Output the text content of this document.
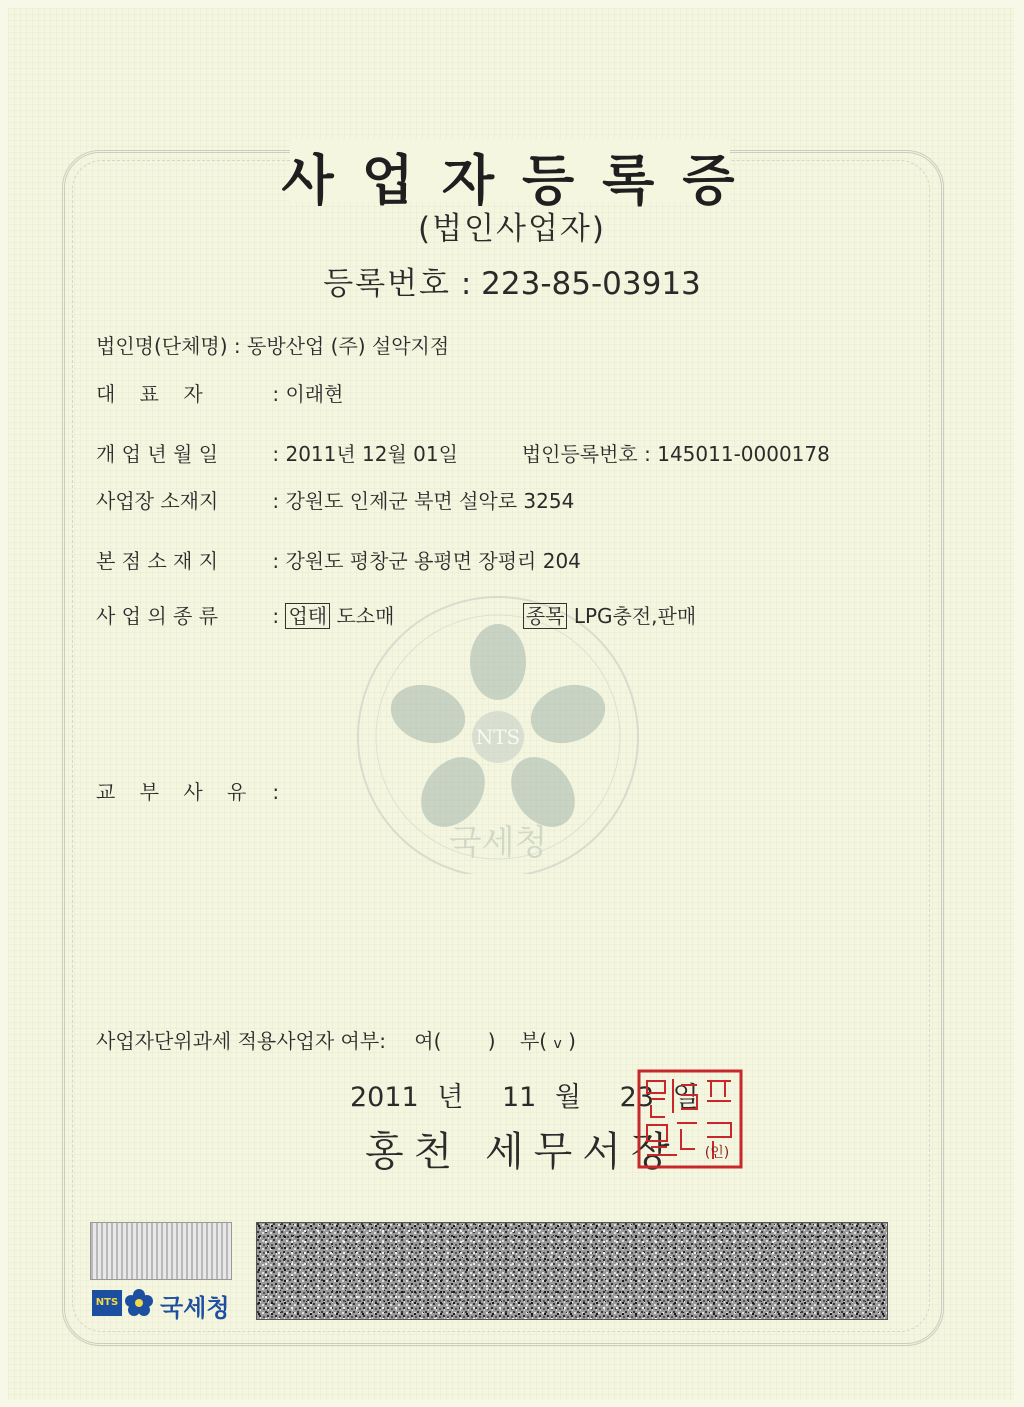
사업자등록증
(법인사업자)
등록번호 : 223-85-03913
NTS
국세청
법인명(단체명) : 동방산업 (주) 설악지점
대 표 자	: 이래현
개 업 년 월 일	: 2011년 12월 01일	법인등록번호 : 145011-0000178
사업장 소재지	: 강원도 인제군 북면 설악로 3254
본 점 소 재 지	: 강원도 평창군 용평면 장평리 204
사 업 의 종 류	: 업태 도소매	종목 LPG충전,판매
교 부 사 유 :
사업자단위과세 적용사업자 여부: 여( ) 부( v )
2011 년 11 월 23 일
홍천 세무서장 (인)
NTS 국세청
